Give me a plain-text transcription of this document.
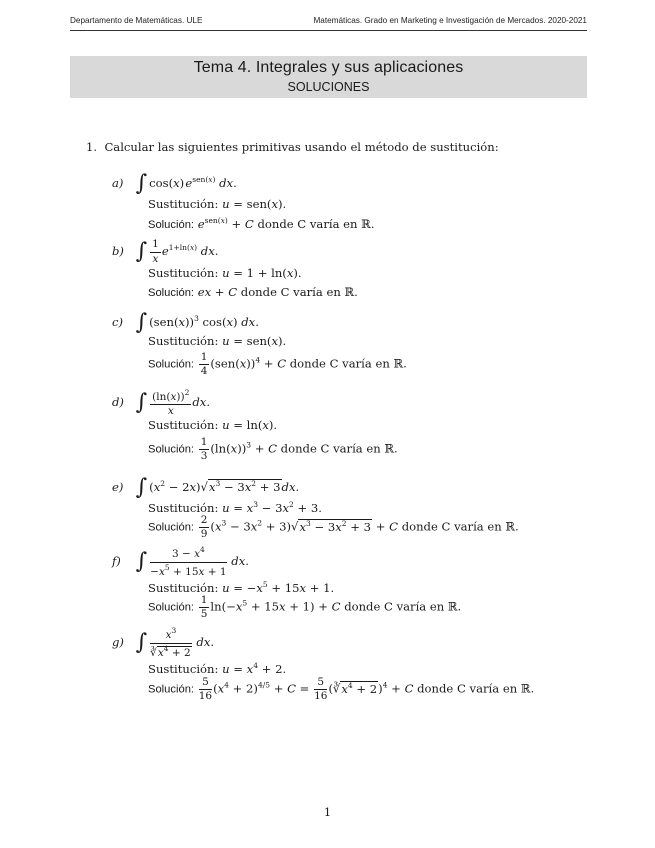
Departamento de Matemáticas. ULE	Matemáticas. Grado en Marketing e Investigación de Mercados. 2020-2021
Tema 4. Integrales y sus aplicaciones
SOLUCIONES
1. Calcular las siguientes primitivas usando el método de sustitución:
a) ∫ cos(x) $e^{sen(x)}$ dx.
Sustitución: u = sen(x).
Solución: $e^{sen(x)} + C$ donde C varía en ℝ.
b) ∫ $\frac{1}{x} e^{1+ln(x)}$ dx.
Sustitución: u = 1 + ln(x).
Solución: ex + C donde C varía en ℝ.
c) ∫ $(sen(x))^3$ cos(x) dx.
Sustitución: u = sen(x).
Solución: $\frac{1}{4} (sen(x))^4 + C$ donde C varía en ℝ.
d) ∫ $\frac{(\ln(x))^2}{x}$ dx.
Sustitución: u = ln(x).
Solución: $\frac{1}{3} (\ln(x))^3 + C$ donde C varía en ℝ.
e) ∫ $(x^2 - 2x)√x^3 - 3x^2 + 3dx$.
Sustitución: $u = x^3 - 3x^2 + 3$.
Solución: $\frac{2}{9} (x^3 - 3x^2 + 3)√x^3 - 3x^2 + 3 + C$ donde C varía en ℝ.
f) ∫ $\frac{3 - x^4}{-x^5 + 15x + 1}$ dx.
Sustitución: $u = -x^5 + 15x + 1$.
Solución: $\frac{1}{5} \ln(-x^5 + 15x + 1) + C$ donde C varía en ℝ.
g) ∫ $\frac{x^3}{∛x^4 + 2}$ dx.
Sustitución: $u = x^4 + 2$.
Solución: $\frac{5}{16} (x^4 + 2)^{4/5} + C = \frac{5}{16}$ $(∛x^4 + 2)^4 + C$ donde C varía en ℝ.
1
